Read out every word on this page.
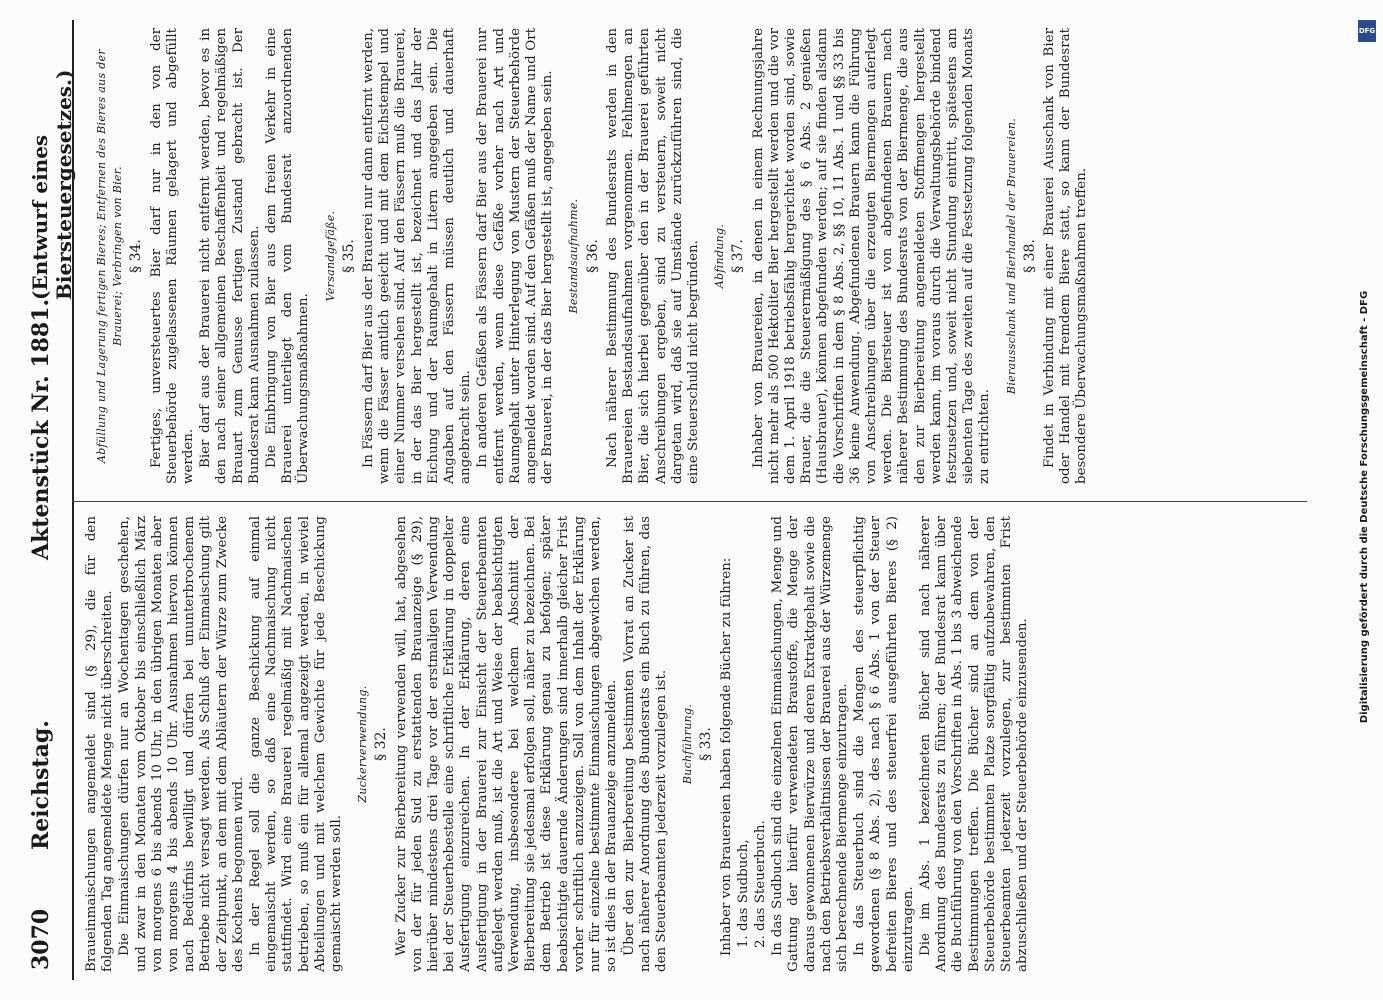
3070
Reichstag.
Aktenstück Nr. 1881.
(Entwurf eines Biersteuergesetzes.)

Braueinmaischungen angemeldet sind (§ 29), die für den folgenden Tag angemeldete Menge nicht überschreiten. Die Einmaischungen dürfen nur an Wochentagen geschehen, und zwar in den Monaten vom Oktober bis einschließlich März von morgens 6 bis abends 10 Uhr, in den übrigen Monaten aber von morgens 4 bis abends 10 Uhr. Ausnahmen hiervon können nach Bedürfnis bewilligt und dürfen bei ununterbrochenem Betriebe nicht versagt werden. Als Schluß der Einmaischung gilt der Zeitpunkt, an dem mit dem Abläutern der Würze zum Zwecke des Kochens begonnen wird. In der Regel soll die ganze Beschickung auf einmal eingemaischt werden, so daß eine Nachmaischung nicht stattfindet. Wird eine Brauerei regelmäßig mit Nachmaischen betrieben, so muß ein für allemal angezeigt werden, in wieviel Abteilungen und mit welchem Gewichte für jede Beschickung gemaischt werden soll.

Zuckerverwendung. § 32. Wer Zucker zur Bierbereitung verwenden will, hat, abgesehen von der für jeden Sud zu erstattenden Brauanzeige (§ 29), hierüber mindestens drei Tage vor der erstmaligen Verwendung bei der Steuerhebestelle eine schriftliche Erklärung in doppelter Ausfertigung einzureichen. In der Erklärung, deren eine Ausfertigung in der Brauerei zur Einsicht der Steuerbeamten aufgelegt werden muß, ist die Art und Weise der beabsichtigten Verwendung, insbesondere bei welchem Abschnitt der Bierbereitung sie jedesmal erfolgen soll, näher zu bezeichnen. Bei dem Betrieb ist diese Erklärung genau zu befolgen; später beabsichtigte dauernde Änderungen sind innerhalb gleicher Frist vorher schriftlich anzuzeigen. Soll von dem Inhalt der Erklärung nur für einzelne bestimmte Einmaischungen abgewichen werden, so ist dies in der Brauanzeige anzumelden. Über den zur Bierbereitung bestimmten Vorrat an Zucker ist nach näherer Anordnung des Bundesrats ein Buch zu führen, das den Steuerbeamten jederzeit vorzulegen ist. Buchführung. § 33. Inhaber von Brauereien haben folgende Bücher zu führen: 1. das Sudbuch, 2. das Steuerbuch. In das Sudbuch sind die einzelnen Einmaischungen, Menge und Gattung der hierfür verwendeten Braustoffe, die Menge der daraus gewonnenen Bierwürze und deren Extraktgehalt sowie die nach den Betriebsverhältnissen der Brauerei aus der Würzemenge sich berechnende Biermenge einzutragen. In das Steuerbuch sind die Mengen des steuerpflichtig gewordenen (§ 8 Abs. 2), des nach § 6 Abs. 1 von der Steuer befreiten Bieres und des steuerfrei ausgeführten Bieres (§ 2) einzutragen. Die im Abs. 1 bezeichneten Bücher sind nach näherer Anordnung des Bundesrats zu führen; der Bundesrat kann über die Buchführung von den Vorschriften in Abs. 1 bis 3 abweichende Bestimmungen treffen. Die Bücher sind an dem von der Steuerbehörde bestimmten Platze sorgfältig aufzubewahren, den Steuerbeamten jederzeit vorzulegen, zur bestimmten Frist abzuschließen und der Steuerbehörde einzusenden.

Abfüllung und Lagerung fertigen Bieres; Entfernen des Bieres aus der Brauerei; Verbringen von Bier. § 34. Fertiges, unversteuertes Bier darf nur in den von der Steuerbehörde zugelassenen Räumen gelagert und abgefüllt werden. Bier darf aus der Brauerei nicht entfernt werden, bevor es in den nach seiner allgemeinen Beschaffenheit und regelmäßigen Brauart zum Genusse fertigen Zustand gebracht ist. Der Bundesrat kann Ausnahmen zulassen. Die Einbringung von Bier aus dem freien Verkehr in eine Brauerei unterliegt den vom Bundesrat anzuordnenden Überwachungsmaßnahmen.

Versandgefäße. § 35. In Fässern darf Bier aus der Brauerei nur dann entfernt werden, wenn die Fässer amtlich geeicht und mit dem Eichstempel und einer Nummer versehen sind. Auf den Fässern muß die Brauerei, in der das Bier hergestellt ist, bezeichnet und das Jahr der Eichung und der Raumgehalt in Litern angegeben sein. Die Angaben auf den Fässern müssen deutlich und dauerhaft angebracht sein. In anderen Gefäßen als Fässern darf Bier aus der Brauerei nur entfernt werden, wenn diese Gefäße vorher nach Art und Raumgehalt unter Hinterlegung von Mustern der Steuerbehörde angemeldet worden sind. Auf den Gefäßen muß der Name und Ort der Brauerei, in der das Bier hergestellt ist, angegeben sein. Bestandsaufnahme. § 36. Nach näherer Bestimmung des Bundesrats werden in den Brauereien Bestandsaufnahmen vorgenommen. Fehlmengen an Bier, die sich hierbei gegenüber den in der Brauerei geführten Anschreibungen ergeben, sind zu versteuern, soweit nicht dargetan wird, daß sie auf Umstände zurückzuführen sind, die eine Steuerschuld nicht begründen. Abfindung. § 37. Inhaber von Brauereien, in denen in einem Rechnungsjahre nicht mehr als 500 Hektoliter Bier hergestellt werden und die vor dem 1. April 1918 betriebsfähig hergerichtet worden sind, sowie Brauer, die die Steuerermäßigung des § 6 Abs. 2 genießen (Hausbrauer), können abgefunden werden; auf sie finden alsdann die Vorschriften in dem § 8 Abs. 2, §§ 10, 11 Abs. 1 und §§ 33 bis 36 keine Anwendung. Abgefundenen Brauern kann die Führung von Anschreibungen über die erzeugten Biermengen auferlegt werden. Die Biersteuer ist von abgefundenen Brauern nach näherer Bestimmung des Bundesrats von der Biermenge, die aus den zur Bierbereitung angemeldeten Stoffmengen hergestellt werden kann, im voraus durch die Verwaltungsbehörde bindend festzusetzen und, soweit nicht Stundung eintritt, spätestens am siebenten Tage des zweiten auf die Festsetzung folgenden Monats zu entrichten.

Bierausschank und Bierhandel der Brauereien. § 38. Findet in Verbindung mit einer Brauerei Ausschank von Bier oder Handel mit fremdem Biere statt, so kann der Bundesrat besondere Überwachungsmaßnahmen treffen.

DFG
Digitalisierung gefördert durch die Deutsche Forschungsgemeinschaft - DFG
